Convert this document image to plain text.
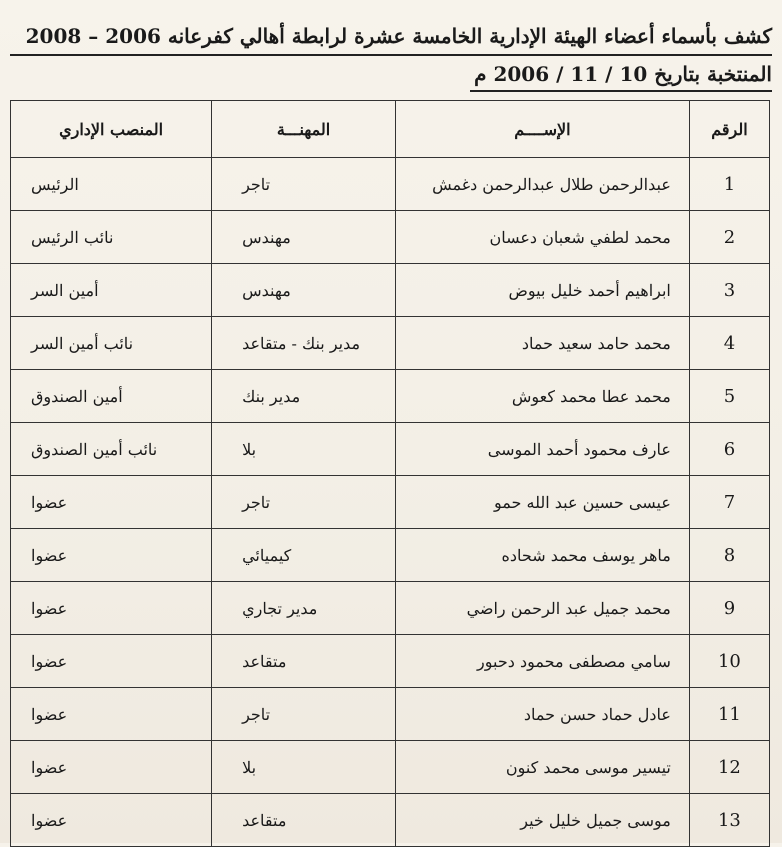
كشف بأسماء أعضاء الهيئة الإدارية الخامسة عشرة لرابطة أهالي كفرعانه 2006 – 2008
المنتخبة بتاريخ 10 / 11 / 2006 م
الرقم	الإســــم	المهنـــة	المنصب الإداري
1	عبدالرحمن طلال عبدالرحمن دغمش	تاجر	الرئيس
2	محمد لطفي شعبان دعسان	مهندس	نائب الرئيس
3	ابراهيم أحمد خليل بيوض	مهندس	أمين السر
4	محمد حامد سعيد حماد	مدير بنك - متقاعد	نائب أمين السر
5	محمد عطا محمد كعوش	مدير بنك	أمين الصندوق
6	عارف محمود أحمد الموسى	بلا	نائب أمين الصندوق
7	عيسى حسين عبد الله حمو	تاجر	عضوا
8	ماهر يوسف محمد شحاده	كيميائي	عضوا
9	محمد جميل عبد الرحمن راضي	مدير تجاري	عضوا
10	سامي مصطفى محمود دحبور	متقاعد	عضوا
11	عادل حماد حسن حماد	تاجر	عضوا
12	تيسير موسى محمد كنون	بلا	عضوا
13	موسى جميل خليل خير	متقاعد	عضوا
